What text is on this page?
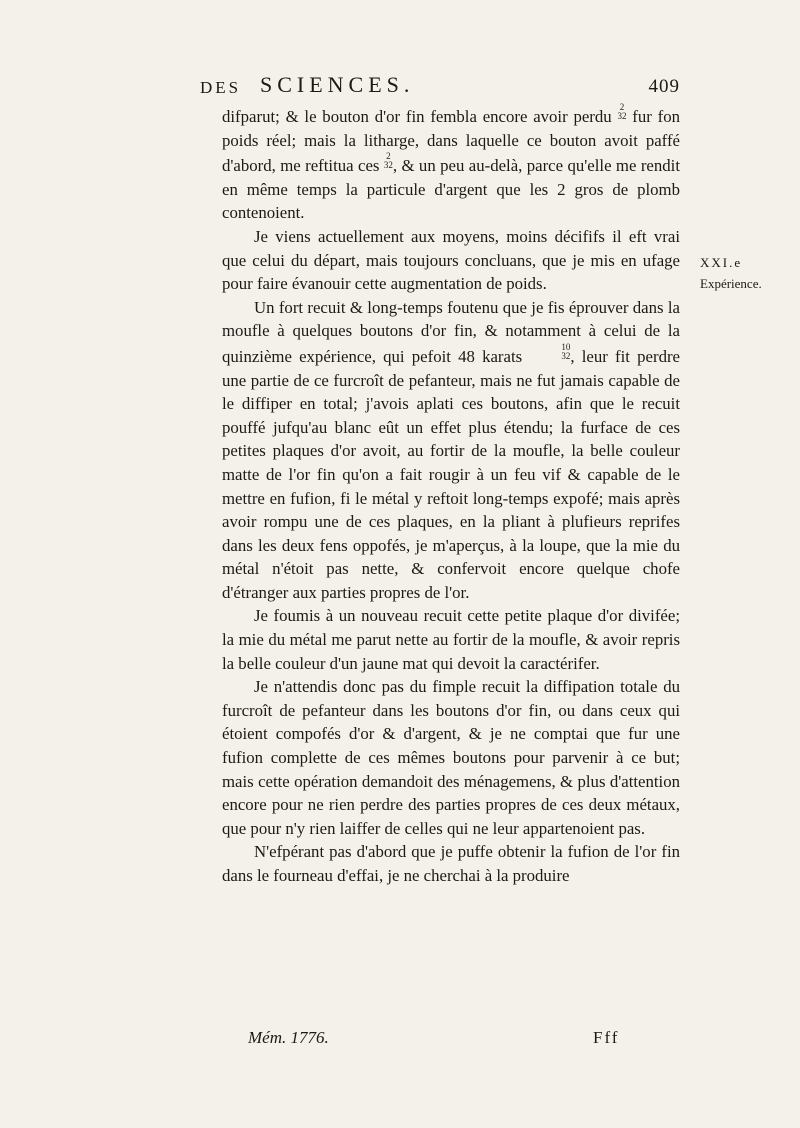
DES SCIENCES.	409

difparut; & le bouton d'or fin fembla encore avoir perdu 2
32 fur fon poids réel; mais la litharge, dans laquelle ce bouton avoit paffé d'abord, me reftitua ces 2
32 , & un peu au-delà, parce qu'elle me rendit en même temps la particule d'argent que les 2 gros de plomb contenoient.

Je viens actuellement aux moyens, moins décififs il eft vrai que celui du départ, mais toujours concluans, que je mis en ufage pour faire évanouir cette augmentation de poids.

Un fort recuit & long-temps foutenu que je fis éprouver dans la moufle à quelques boutons d'or fin, & notamment à celui de la quinzième expérience, qui pefoit 48 karats	10
32 , leur fit perdre une partie de ce furcroît de pefanteur, mais ne fut jamais capable de le diffiper en total; j'avois aplati ces boutons, afin que le recuit pouffé jufqu'au blanc eût un effet plus étendu; la furface de ces petites plaques d'or avoit, au fortir de la moufle, la belle couleur matte de l'or fin qu'on a fait rougir à un feu vif & capable de le mettre en fufion, fi le métal y reftoit long-temps expofé; mais après avoir rompu une de ces plaques, en la pliant à plufieurs reprifes dans les deux fens oppofés, je m'aperçus, à la loupe, que la mie du métal n'étoit pas nette, & confervoit encore quelque chofe d'étranger aux parties propres de l'or.

Je foumis à un nouveau recuit cette petite plaque d'or divifée; la mie du métal me parut nette au fortir de la moufle, & avoir repris la belle couleur d'un jaune mat qui devoit la caractérifer.

Je n'attendis donc pas du fimple recuit la diffipation totale du furcroît de pefanteur dans les boutons d'or fin, ou dans ceux qui étoient compofés d'or & d'argent, & je ne comptai que fur une fufion complette de ces mêmes boutons pour parvenir à ce but; mais cette opération demandoit des ménagemens, & plus d'attention encore pour ne rien perdre des parties propres de ces deux métaux, que pour n'y rien laiffer de celles qui ne leur appartenoient pas.

N'efpérant pas d'abord que je puffe obtenir la fufion de l'or fin dans le fourneau d'effai, je ne cherchai à la produire

XXI.e
Expérience.
Mém. 1776.	Fff
